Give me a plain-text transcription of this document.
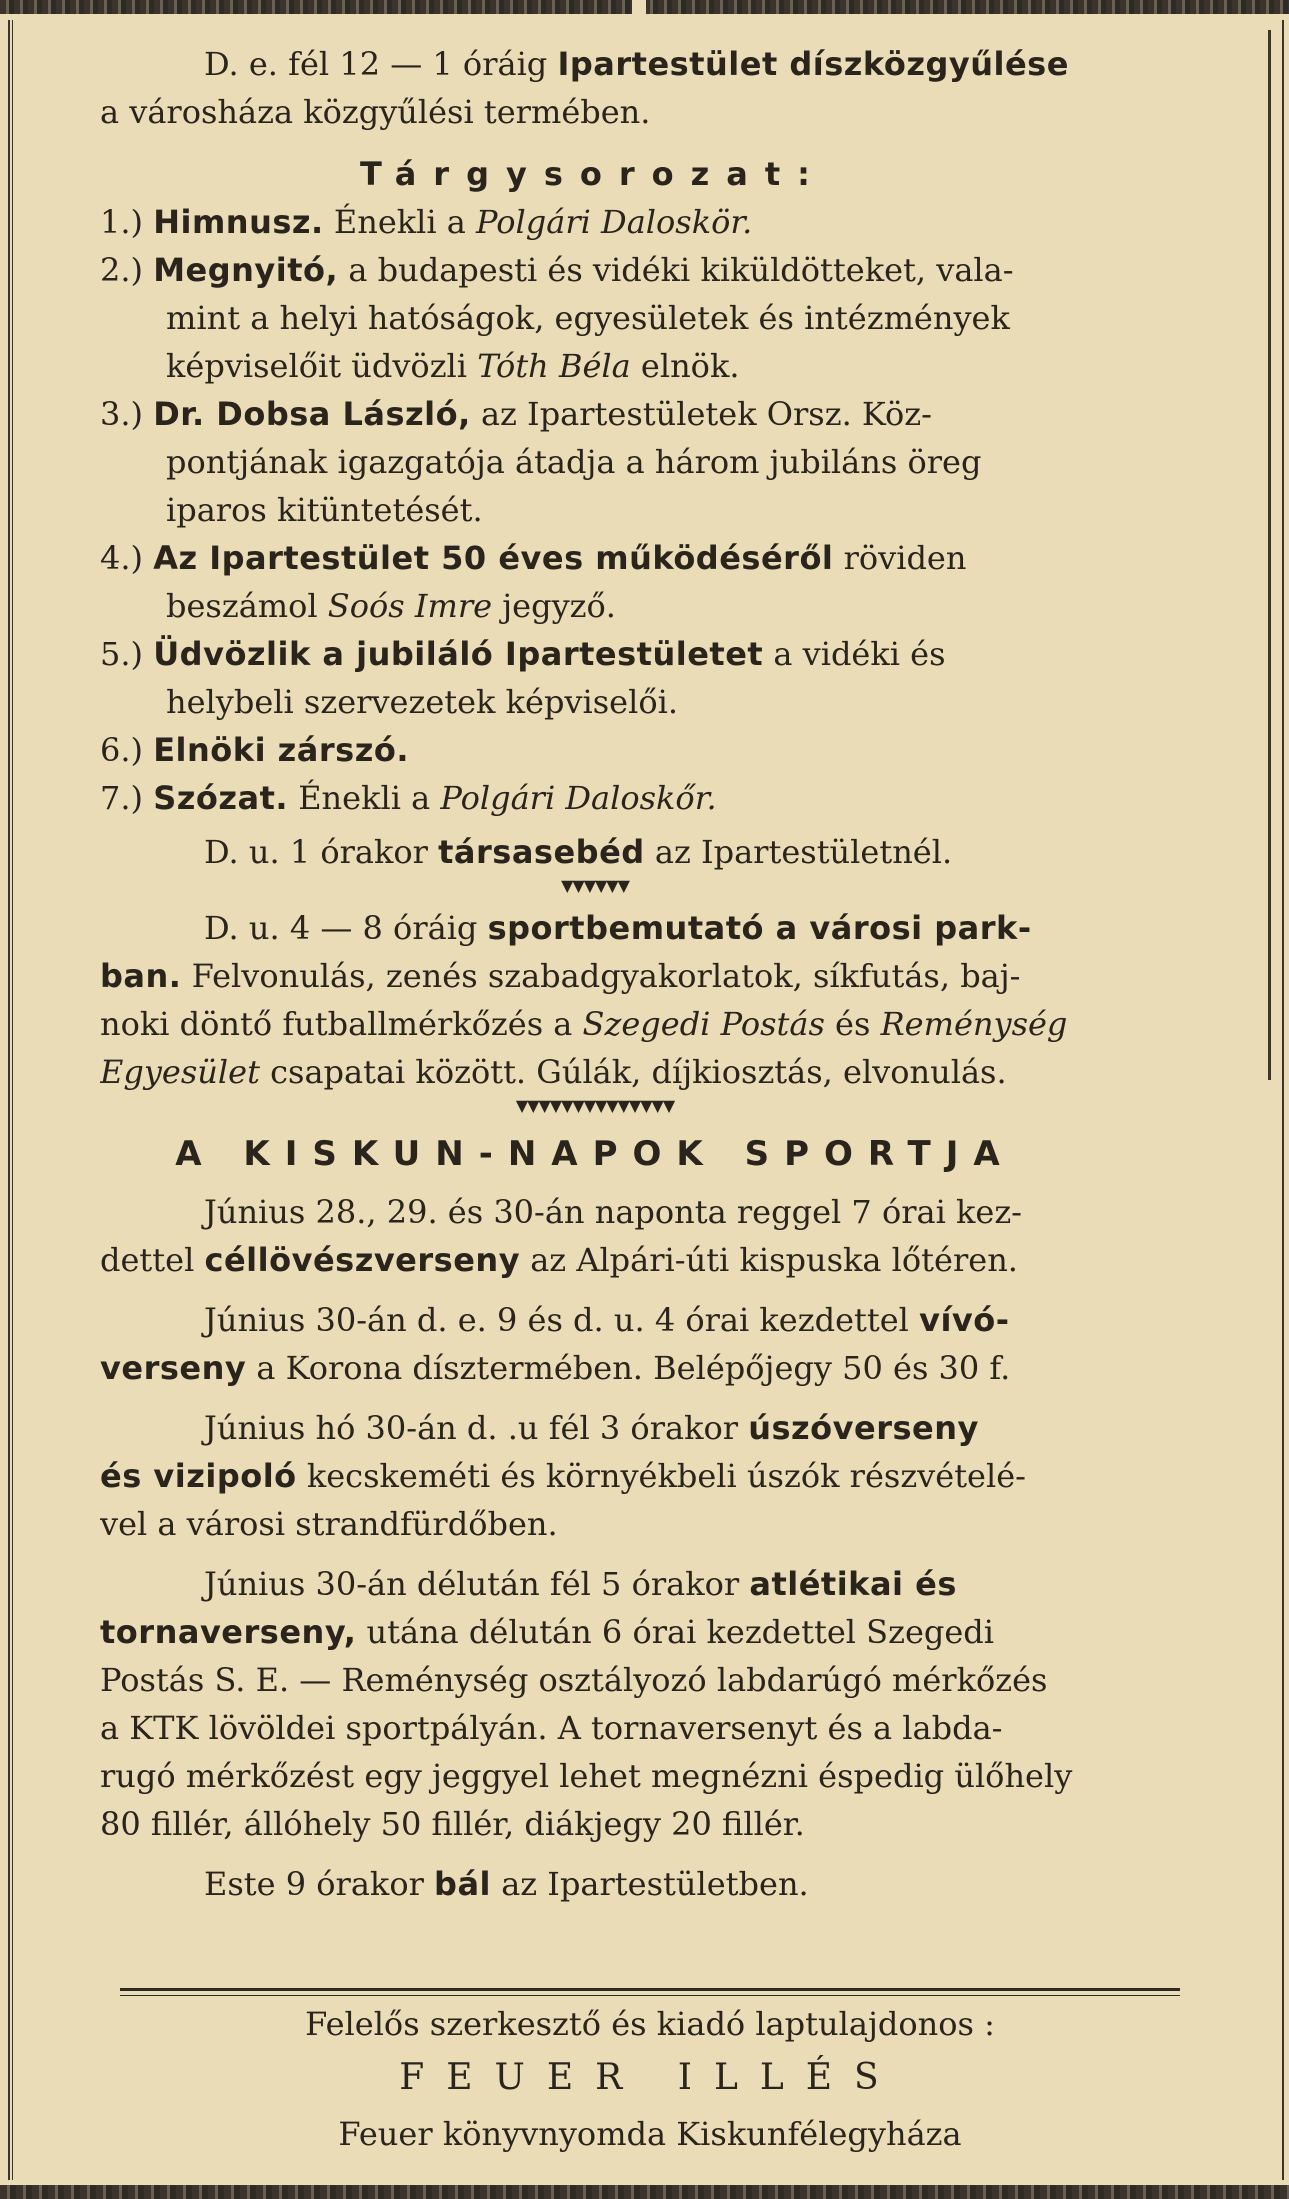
D. e. fél 12 — 1 óráig Ipartestület díszközgyűlése
a városháza közgyűlési termében.
Tárgysorozat:
1.) Himnusz. Énekli a Polgári Daloskör.
2.) Megnyitó, a budapesti és vidéki kiküldötteket, vala-
mint a helyi hatóságok, egyesületek és intézmények
képviselőit üdvözli Tóth Béla elnök.
3.) Dr. Dobsa László, az Ipartestületek Orsz. Köz-
pontjának igazgatója átadja a három jubiláns öreg
iparos kitüntetését.
4.) Az Ipartestület 50 éves működéséről röviden
beszámol Soós Imre jegyző.
5.) Üdvözlik a jubiláló Ipartestületet a vidéki és
helybeli szervezetek képviselői.
6.) Elnöki zárszó.
7.) Szózat. Énekli a Polgári Daloskőr.
D. u. 1 órakor társasebéd az Ipartestületnél.
▼▼▼▼▼▼
D. u. 4 — 8 óráig sportbemutató a városi park-
ban. Felvonulás, zenés szabadgyakorlatok, síkfutás, baj-
noki döntő futballmérkőzés a Szegedi Postás és Reménység
Egyesület csapatai között. Gúlák, díjkiosztás, elvonulás.
▼▼▼▼▼▼▼▼▼▼▼▼▼▼
A KISKUN-NAPOK SPORTJA
Június 28., 29. és 30-án naponta reggel 7 órai kez-
dettel céllövészverseny az Alpári-úti kispuska lőtéren.
Június 30-án d. e. 9 és d. u. 4 órai kezdettel vívó-
verseny a Korona dísztermében. Belépőjegy 50 és 30 f.
Június hó 30-án d. .u fél 3 órakor úszóverseny
és vizipoló kecskeméti és környékbeli úszók részvételé-
vel a városi strandfürdőben.
Június 30-án délután fél 5 órakor atlétikai és
tornaverseny, utána délután 6 órai kezdettel Szegedi
Postás S. E. — Reménység osztályozó labdarúgó mérkőzés
a KTK lövöldei sportpályán. A tornaversenyt és a labda-
rugó mérkőzést egy jeggyel lehet megnézni éspedig ülőhely
80 fillér, állóhely 50 fillér, diákjegy 20 fillér.
Este 9 órakor bál az Ipartestületben.
Felelős szerkesztő és kiadó laptulajdonos :
FEUER ILLÉS
Feuer könyvnyomda Kiskunfélegyháza
